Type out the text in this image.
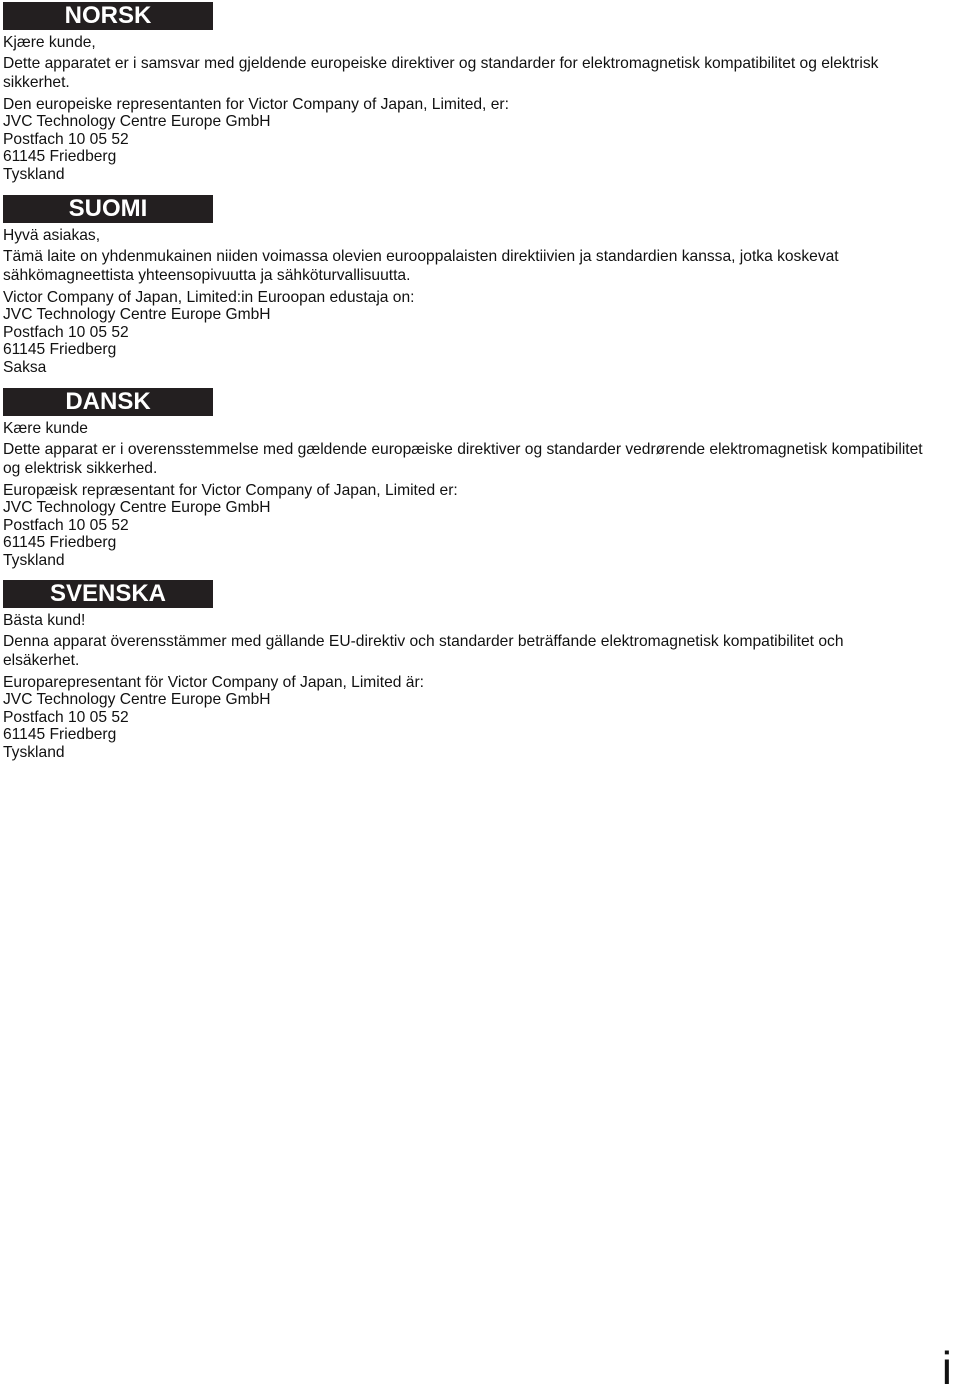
NORSK
Kjære kunde,
Dette apparatet er i samsvar med gjeldende europeiske direktiver og standarder for elektromagnetisk kompatibilitet og elektrisk sikkerhet.
Den europeiske representanten for Victor Company of Japan, Limited, er:
JVC Technology Centre Europe GmbH
Postfach 10 05 52
61145 Friedberg
Tyskland
SUOMI
Hyvä asiakas,
Tämä laite on yhdenmukainen niiden voimassa olevien eurooppalaisten direktiivien ja standardien kanssa, jotka koskevat sähkömagneettista yhteensopivuutta ja sähköturvallisuutta.
Victor Company of Japan, Limited:in Euroopan edustaja on:
JVC Technology Centre Europe GmbH
Postfach 10 05 52
61145 Friedberg
Saksa
DANSK
Kære kunde
Dette apparat er i overensstemmelse med gældende europæiske direktiver og standarder vedrørende elektromagnetisk kompatibilitet og elektrisk sikkerhed.
Europæisk repræsentant for Victor Company of Japan, Limited er:
JVC Technology Centre Europe GmbH
Postfach 10 05 52
61145 Friedberg
Tyskland
SVENSKA
Bästa kund!
Denna apparat överensstämmer med gällande EU-direktiv och standarder beträffande elektromagnetisk kompatibilitet och elsäkerhet.
Europarepresentant för Victor Company of Japan, Limited är:
JVC Technology Centre Europe GmbH
Postfach 10 05 52
61145 Friedberg
Tyskland
i
